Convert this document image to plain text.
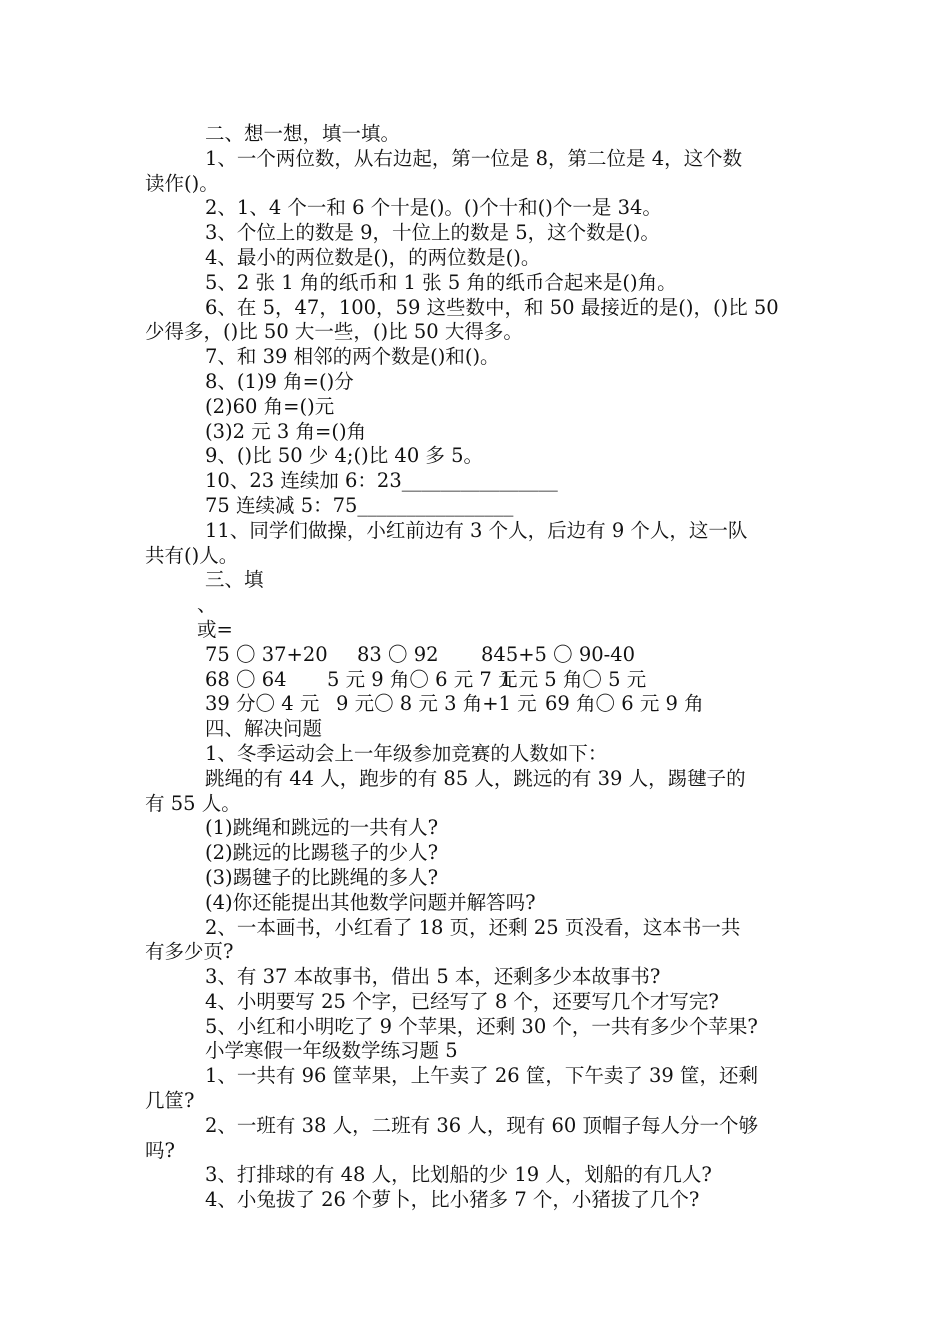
二、想一想，填一填。
1、一个两位数，从右边起，第一位是 8，第二位是 4，这个数
读作()。
2、1、4 个一和 6 个十是()。()个十和()个一是 34。
3、个位上的数是 9，十位上的数是 5，这个数是()。
4、最小的两位数是()，的两位数是()。
5、2 张 1 角的纸币和 1 张 5 角的纸币合起来是()角。
6、在 5，47，100，59 这些数中，和 50 最接近的是()，()比 50
少得多，()比 50 大一些，()比 50 大得多。
7、和 39 相邻的两个数是()和()。
8、(1)9 角=()分
(2)60 角=()元
(3)2 元 3 角=()角
9、()比 50 少 4;()比 40 多 5。
10、23 连续加 6：23________________
75 连续减 5：75________________
11、同学们做操，小红前边有 3 个人，后边有 9 个人，这一队
共有()人。
三、填
、
或=
75 〇 37+20 83 〇 92 845+5 〇 90-40
68 〇 64 5 元 9 角〇 6 元 7 元
1 元 5 角〇 5 元
39 分〇 4 元 9 元〇 8 元 3 角+1 元 69 角〇 6 元 9 角
四、解决问题
1、冬季运动会上一年级参加竞赛的人数如下：
跳绳的有 44 人，跑步的有 85 人，跳远的有 39 人，踢毽子的
有 55 人。
(1)跳绳和跳远的一共有人?
(2)跳远的比踢毯子的少人?
(3)踢毽子的比跳绳的多人?
(4)你还能提出其他数学问题并解答吗?
2、一本画书，小红看了 18 页，还剩 25 页没看，这本书一共
有多少页?
3、有 37 本故事书，借出 5 本，还剩多少本故事书?
4、小明要写 25 个字，已经写了 8 个，还要写几个才写完?
5、小红和小明吃了 9 个苹果，还剩 30 个，一共有多少个苹果?
小学寒假一年级数学练习题 5
1、一共有 96 筐苹果，上午卖了 26 筐，下午卖了 39 筐，还剩
几筐?
2、一班有 38 人，二班有 36 人，现有 60 顶帽子每人分一个够
吗?
3、打排球的有 48 人，比划船的少 19 人，划船的有几人?
4、小兔拔了 26 个萝卜，比小猪多 7 个，小猪拔了几个?
